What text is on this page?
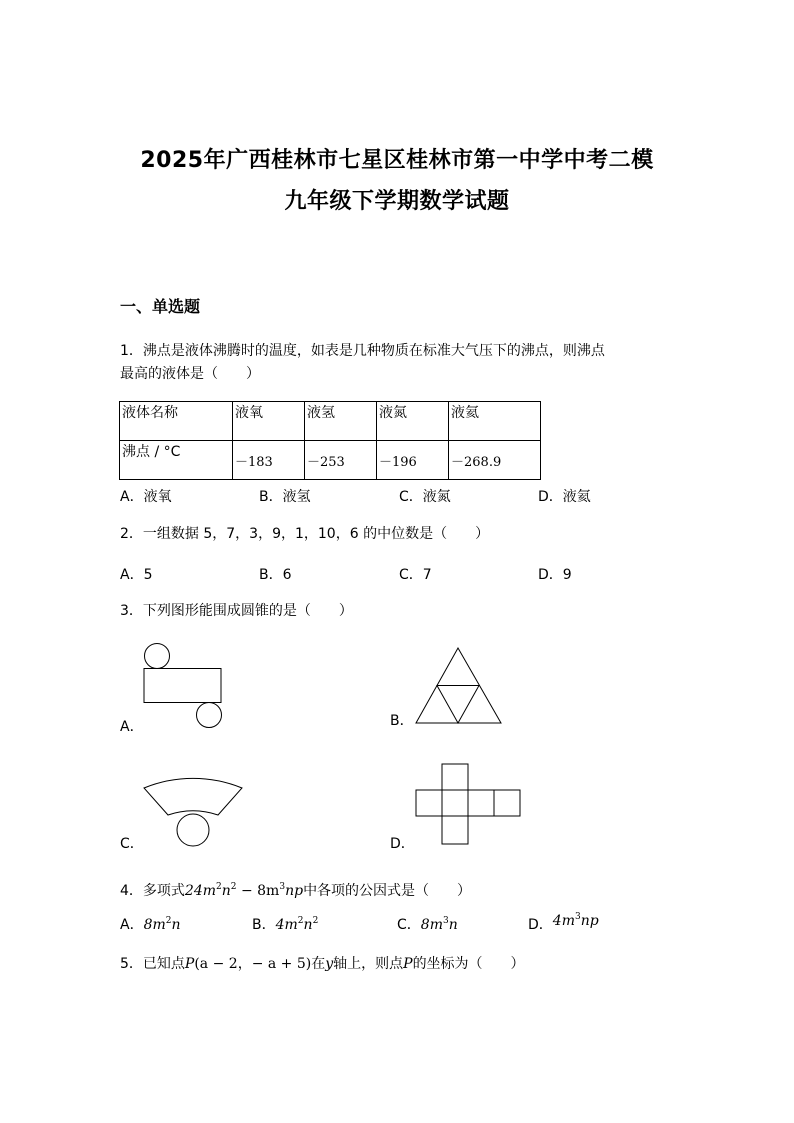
2025年广西桂林市七星区桂林市第一中学中考二模
九年级下学期数学试题
一、单选题
1．沸点是液体沸腾时的温度，如表是几种物质在标准大气压下的沸点，则沸点
最高的液体是（　　）
液体名称	液氧	液氢	液氮	液氦
沸点 / °C	－183	－253	－196	－268.9
A．液氧	B．液氢	C．液氮	D．液氦
2．一组数据 5，7，3，9，1，10，6 的中位数是（　　）
A．5	B．6	C．7	D．9
3．下列图形能围成圆锥的是（　　）
A．	B．
C．	D．
4．多项式$24m^2n^2 - 8m^3np$中各项的公因式是（　　）
A．$8m^2n$	B．$4m^2n^2$	C．$8m^3n$	D．$4m^3np$
5．已知点P(a − 2，− a + 5)在y轴上，则点P的坐标为（　　）
